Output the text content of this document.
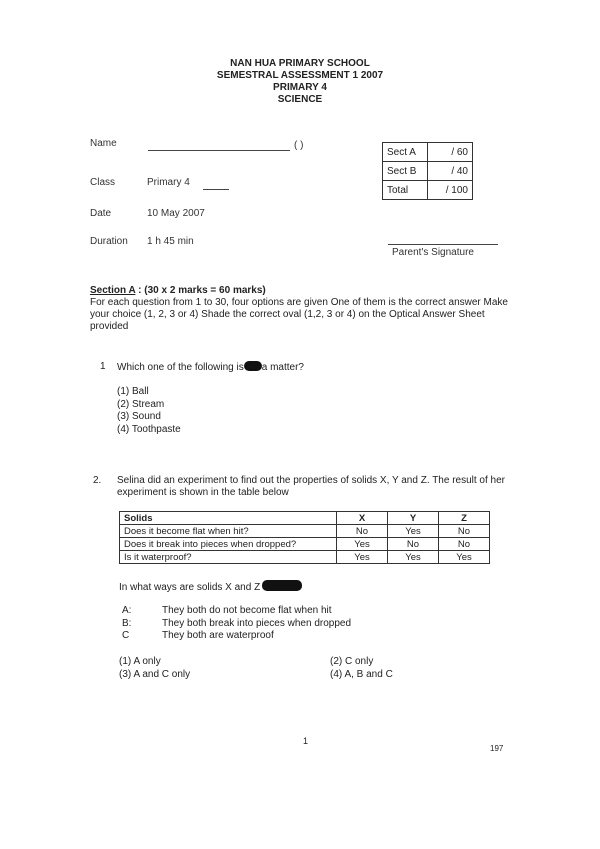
NAN HUA PRIMARY SCHOOL
SEMESTRAL ASSESSMENT 1 2007
PRIMARY 4
SCIENCE
Name	( )
Class	Primary 4
Date	10 May 2007
Duration 1 h 45 min
Sect A	/ 60
Sect B	/ 40
Total	/ 100
Parent's Signature
Section A : (30 x 2 marks = 60 marks)
For each question from 1 to 30, four options are given One of them is the correct answer Make your choice (1, 2, 3 or 4) Shade the correct oval (1,2, 3 or 4) on the Optical Answer Sheet provided
1 Which one of the following is a matter?
(1) Ball
(2) Stream
(3) Sound
(4) Toothpaste
2. Selina did an experiment to find out the properties of solids X, Y and Z. The result of her experiment is shown in the table below
Solids	X	Y	Z
Does it become flat when hit?	No	Yes	No
Does it break into pieces when dropped?	Yes	No	No
Is it waterproof?	Yes	Yes	Yes
In what ways are solids X and Z
A:	They both do not become flat when hit
B:	They both break into pieces when dropped
C	They both are waterproof
(1) A only	(2) C only
(3) A and C only	(4) A, B and C
1
197
